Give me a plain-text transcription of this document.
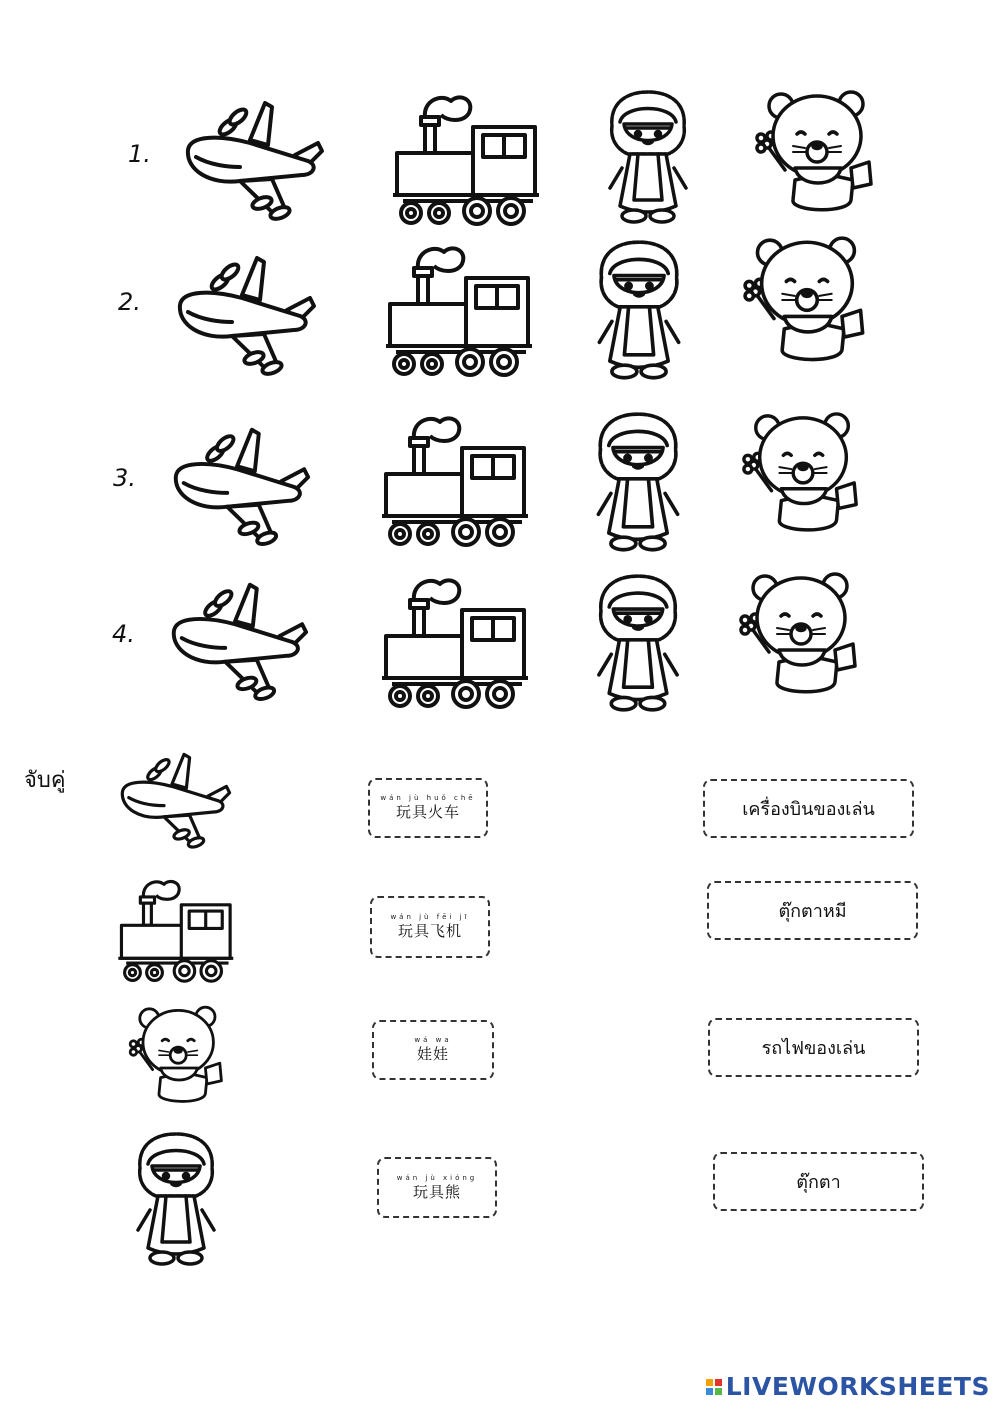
1.
2.
3.
4.
จับคู่
wán jù huǒ chē
玩具火车
wán jù fēi jī
玩具飞机
wá wa
娃娃
wán jù xióng
玩具熊
เครื่องบินของเล่น
ตุ๊กตาหมี
รถไฟของเล่น
ตุ๊กตา
LIVEWORKSHEETS
